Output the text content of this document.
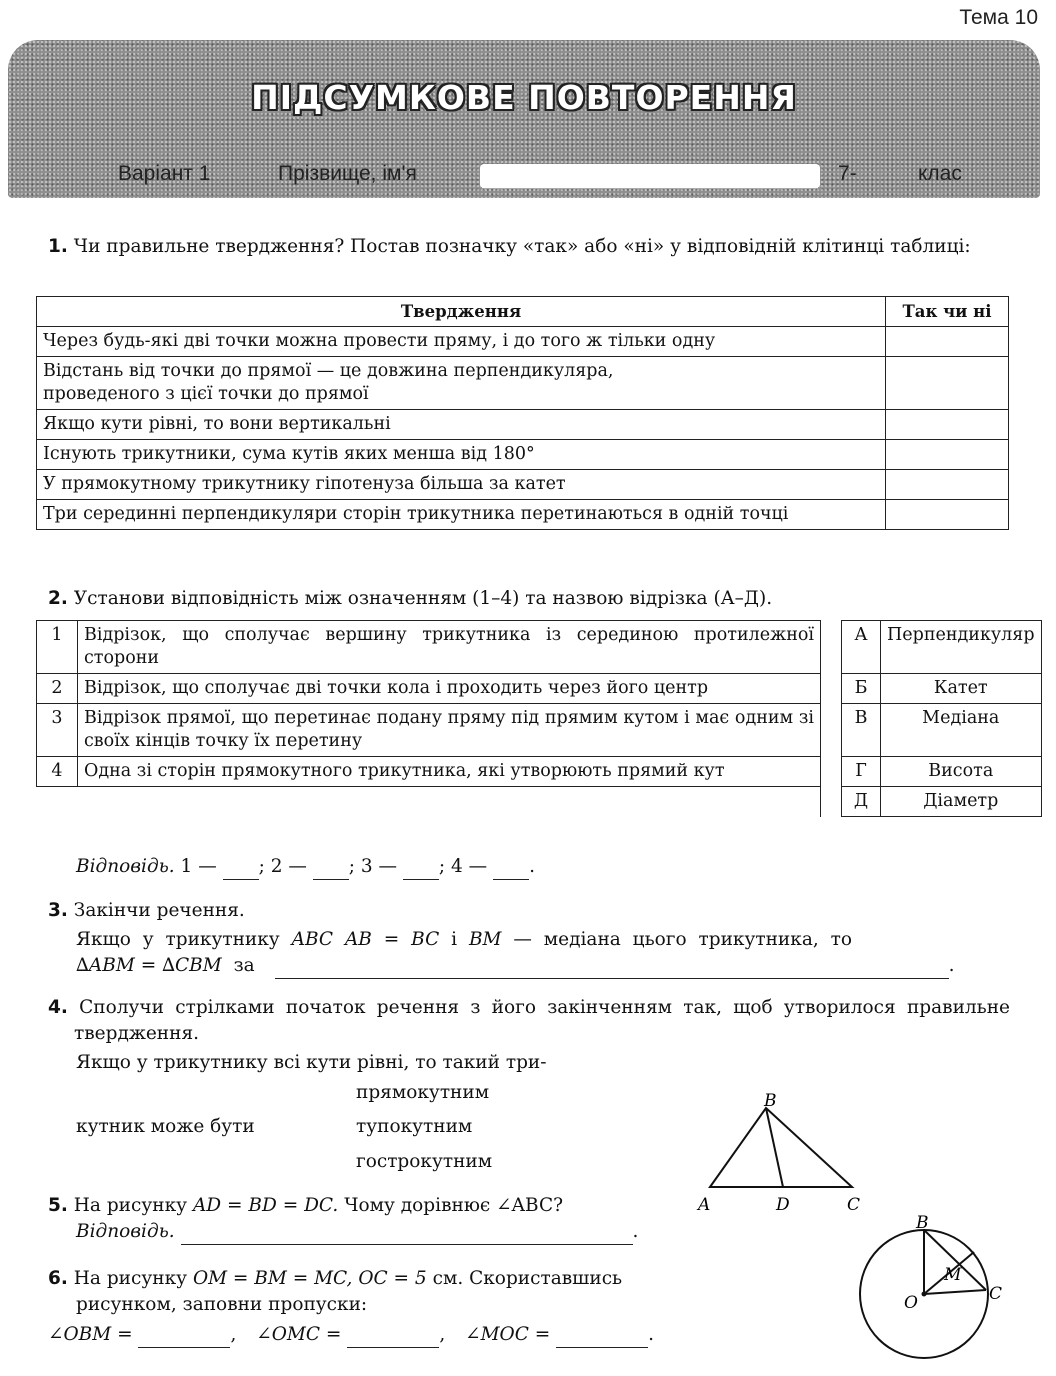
Тема 10
ПІДСУМКОВЕ ПОВТОРЕННЯ
Варіант 1	Прізвище, ім'я	7-	клас

1. Чи правильне твердження? Постав позначку «так» або «ні» у відповідній клітинці таблиці:

Твердження	Так чи ні
Через будь-які дві точки можна провести пряму, і до того ж тільки одну	
Відстань від точки до прямої — це довжина перпендикуляра, проведеного з цієї точки до прямої	
Якщо кути рівні, то вони вертикальні	
Існують трикутники, сума кутів яких менша від 180°	
У прямокутному трикутнику гіпотенуза більша за катет	
Три серединні перпендикуляри сторін трикутника перетинаються в одній точці	

2. Установи відповідність між означенням (1–4) та назвою відрізка (А–Д).

1	Відрізок, що сполучає вершину трикутника із серединою протилежної сторони		А	Перпендикуляр
2	Відрізок, що сполучає дві точки кола і проходить через його центр		Б	Катет
3	Відрізок прямої, що перетинає подану пряму під прямим кутом і має одним зі своїх кінців точку їх перетину		В	Медіана
4	Одна зі сторін прямокутного трикутника, які утворюють прямий кут		Г	Висота
			Д	Діаметр
Відповідь. 1 — ; 2 — ; 3 — ; 4 — .

3. Закінчи речення.

Якщо у трикутнику ABC AB = BC і BM — медіана цього трикутника, то

∆ABM = ∆CBM за	.

4. Сполучи стрілками початок речення з його закінченням так, щоб утворилося правильне твердження.

Якщо у трикутнику всі кути рівні, то такий три-
кутник може бути
прямокутним
тупокутним
гострокутним

5. На рисунку AD = BD = DC. Чому дорівнює ∠ABC?

Відповідь.	.

6. На рисунку OM = BM = MC, OC = 5 см. Скориставшись рисунком, заповни пропуски:

∠OBM =	, ∠OMC =	, ∠MOC =	.
B
A	D	C
B
M
O	C
